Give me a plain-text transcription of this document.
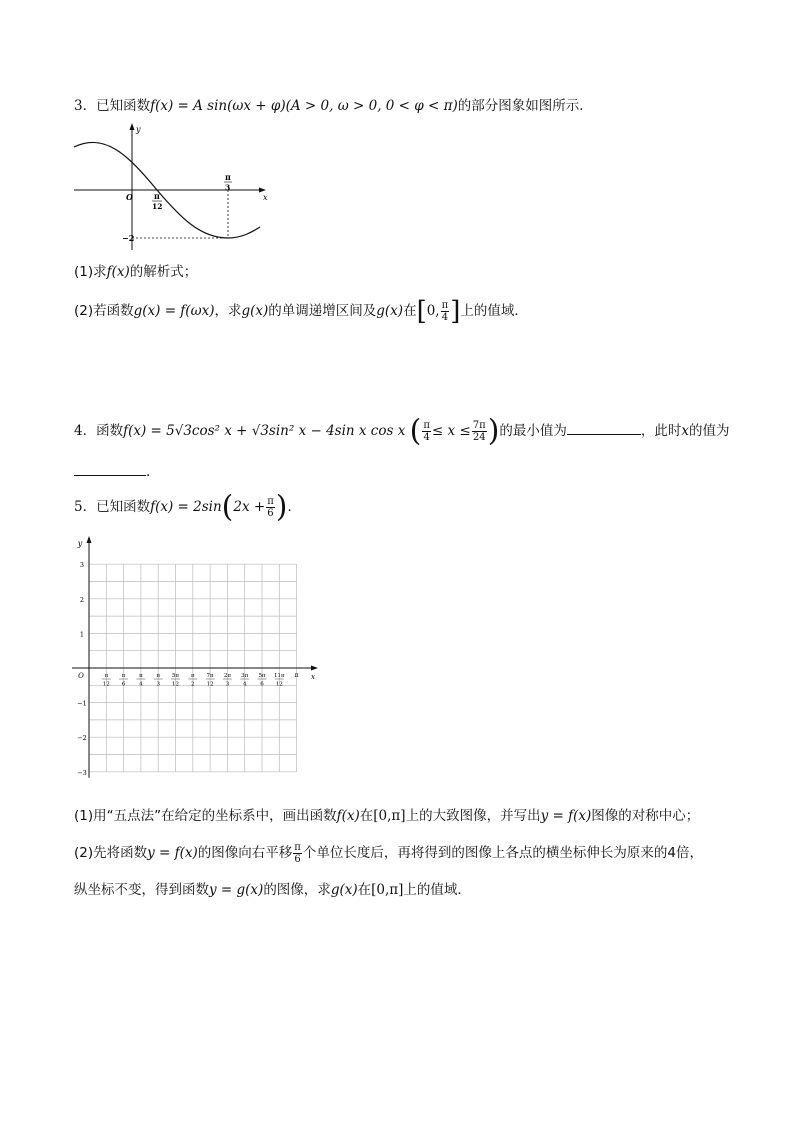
3．已知函数f(x) = A sin(ωx + φ)(A > 0, ω > 0, 0 < φ < π)的部分图象如图所示．
y
x
O	π
12
π
3
−2
(1)求f(x)的解析式；
(2)若函数g(x) = f(ωx)，求g(x)的单调递增区间及g(x)在[0, $\frac{\pi}{4}$ ]上的值域．
4．函数f(x) = 5√3cos² x + √3sin² x − 4sin x cos x ( $\frac{\pi}{4} \le x \le \frac{7\pi}{24}$ )的最小值为	，此时x的值为
.
5．已知函数$f(x) = 2\sin(2x + \frac{\pi}{6}$ )．
y
x
O
3
2
1
−1
−2
−3
π
12
π
6
π
4
π
3
5π
12
π
2
7π
12
2π
3
3π
4
5π
6
11π
12
π
(1)用“五点法”在给定的坐标系中，画出函数f(x)在[0,π]上的大致图像，并写出y = f(x)图像的对称中心；
(2)先将函数y = f(x)的图像向右平移 $\frac{\pi}{6}$ 个单位长度后，再将得到的图像上各点的横坐标伸长为原来的4倍，
纵坐标不变，得到函数y = g(x)的图像，求g(x)在[0,π]上的值域．
